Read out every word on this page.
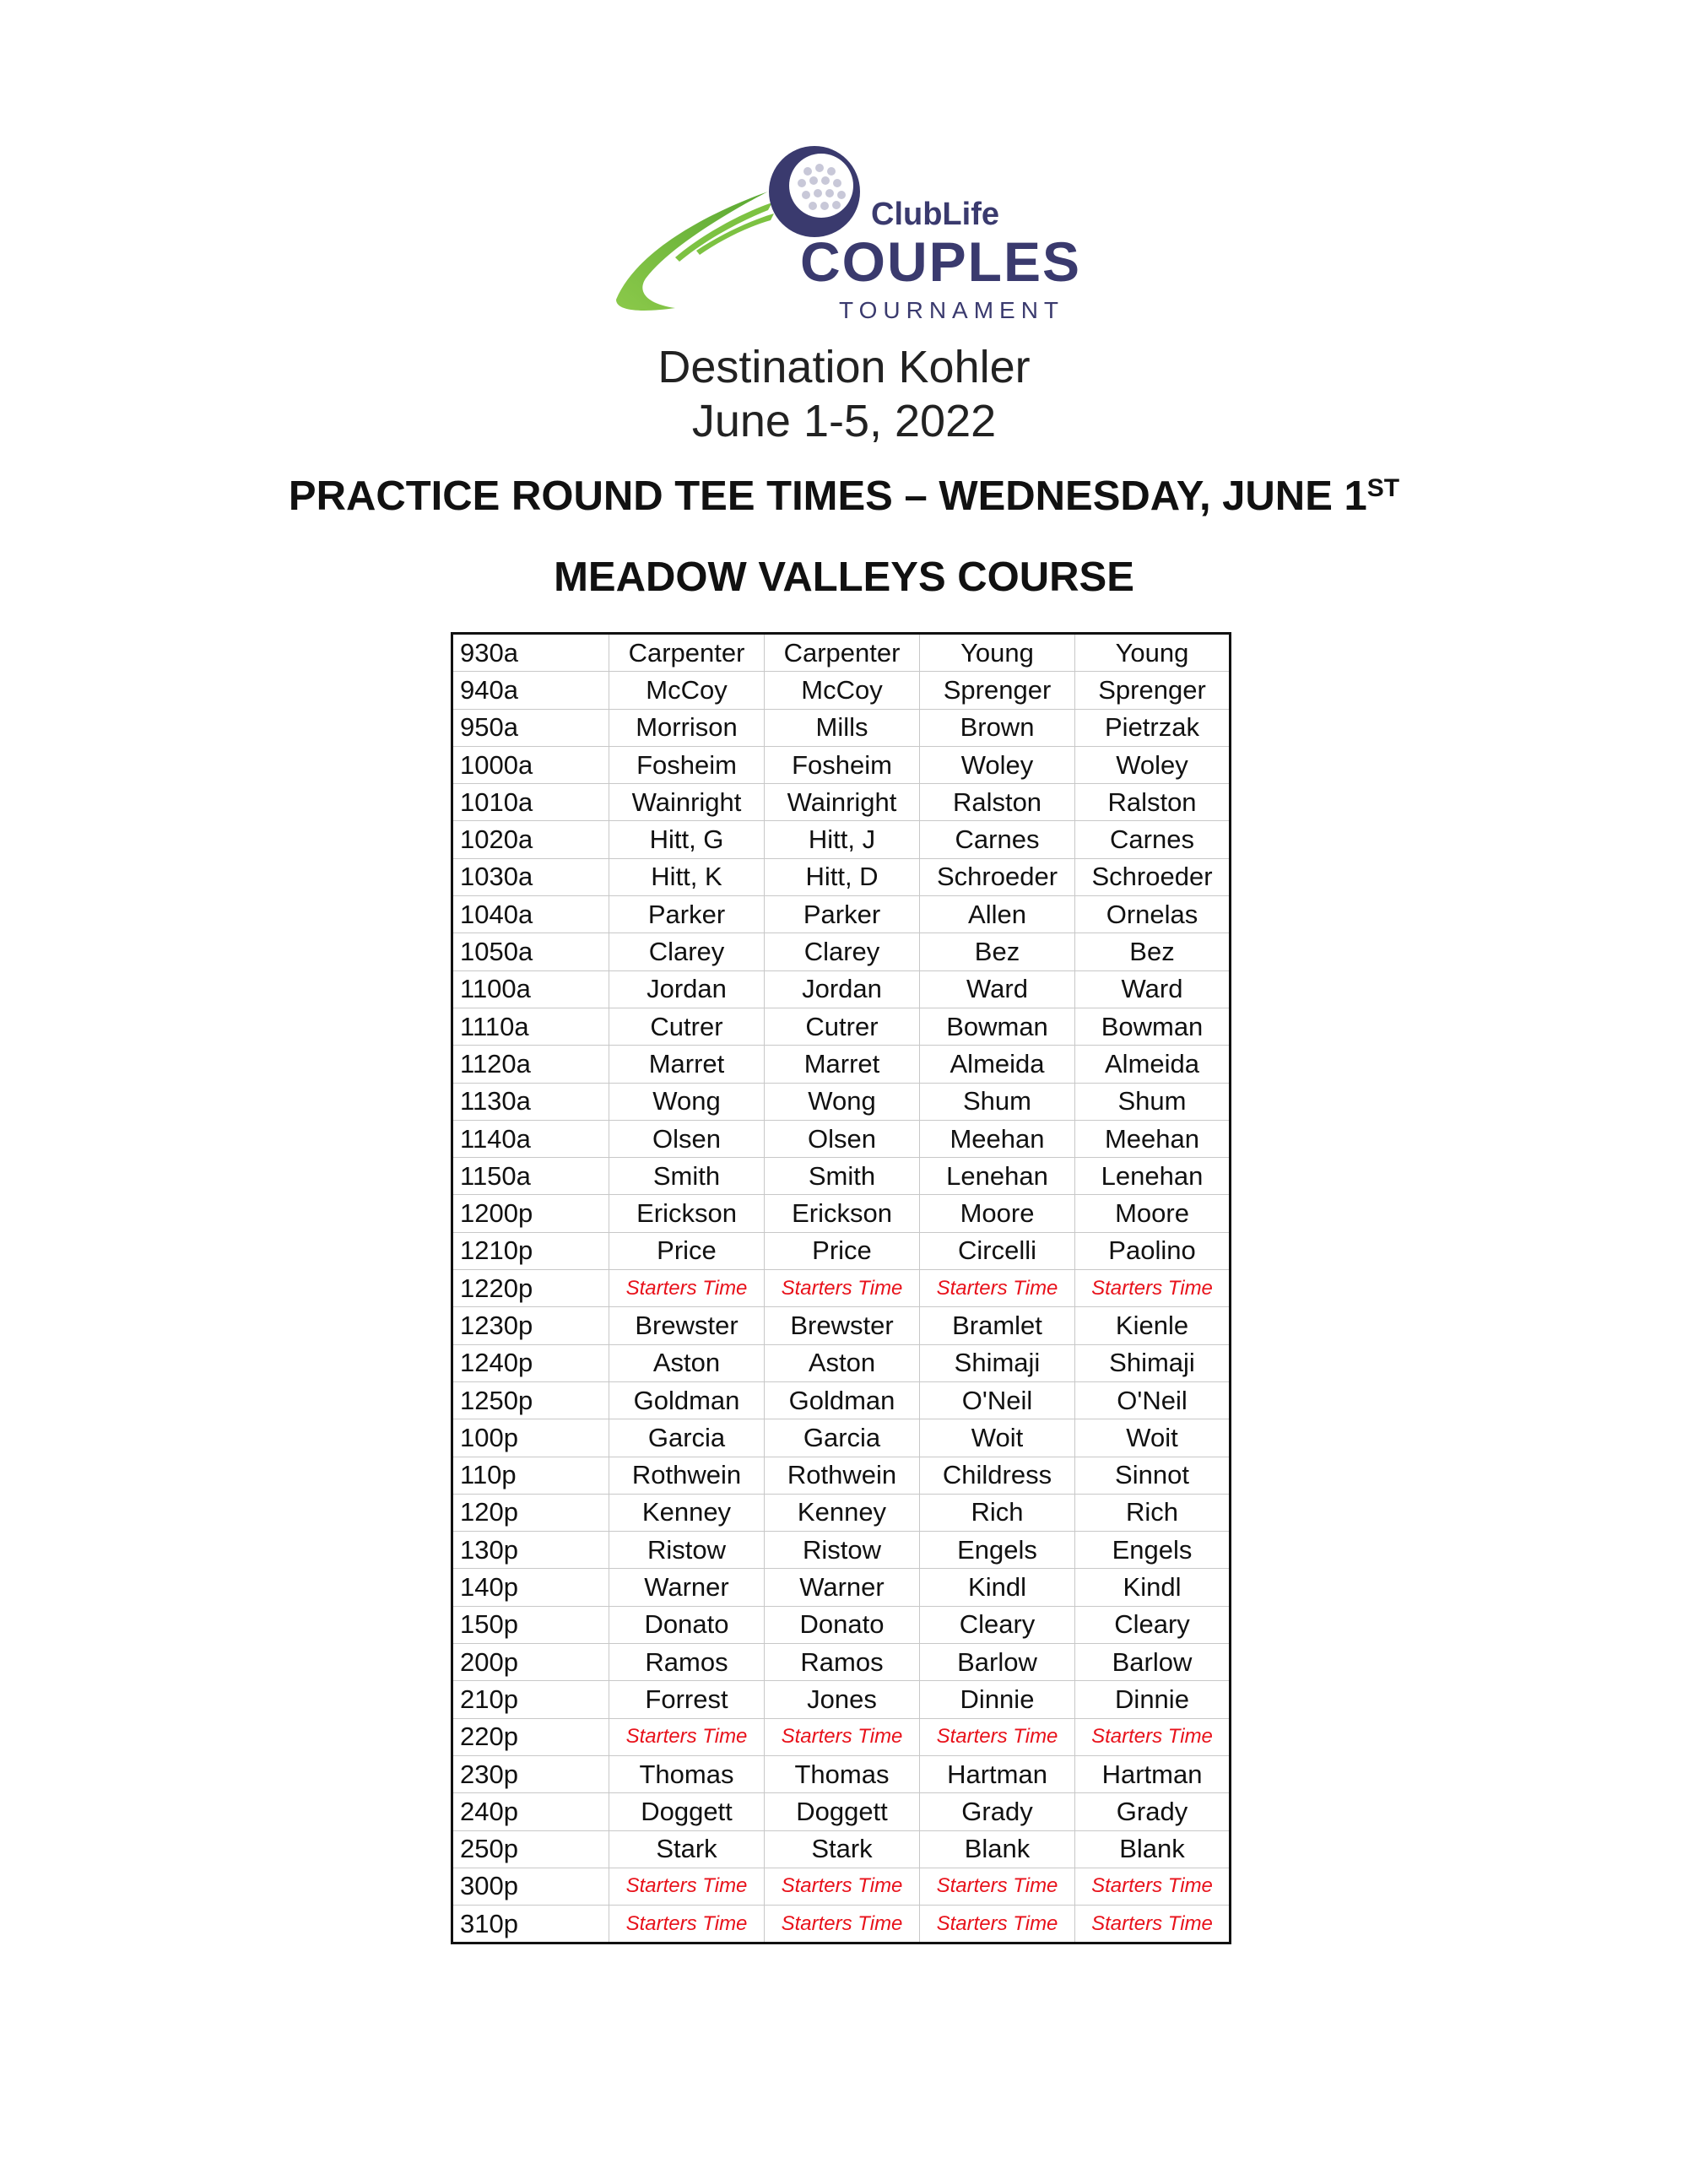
ClubLife
COUPLES
TOURNAMENT
Destination Kohler
June 1-5, 2022
PRACTICE ROUND TEE TIMES – WEDNESDAY, JUNE 1ST
MEADOW VALLEYS COURSE
930a	Carpenter	Carpenter	Young	Young
940a	McCoy	McCoy	Sprenger	Sprenger
950a	Morrison	Mills	Brown	Pietrzak
1000a	Fosheim	Fosheim	Woley	Woley
1010a	Wainright	Wainright	Ralston	Ralston
1020a	Hitt, G	Hitt, J	Carnes	Carnes
1030a	Hitt, K	Hitt, D	Schroeder	Schroeder
1040a	Parker	Parker	Allen	Ornelas
1050a	Clarey	Clarey	Bez	Bez
1100a	Jordan	Jordan	Ward	Ward
1110a	Cutrer	Cutrer	Bowman	Bowman
1120a	Marret	Marret	Almeida	Almeida
1130a	Wong	Wong	Shum	Shum
1140a	Olsen	Olsen	Meehan	Meehan
1150a	Smith	Smith	Lenehan	Lenehan
1200p	Erickson	Erickson	Moore	Moore
1210p	Price	Price	Circelli	Paolino
1220p	Starters Time	Starters Time	Starters Time	Starters Time
1230p	Brewster	Brewster	Bramlet	Kienle
1240p	Aston	Aston	Shimaji	Shimaji
1250p	Goldman	Goldman	O'Neil	O'Neil
100p	Garcia	Garcia	Woit	Woit
110p	Rothwein	Rothwein	Childress	Sinnot
120p	Kenney	Kenney	Rich	Rich
130p	Ristow	Ristow	Engels	Engels
140p	Warner	Warner	Kindl	Kindl
150p	Donato	Donato	Cleary	Cleary
200p	Ramos	Ramos	Barlow	Barlow
210p	Forrest	Jones	Dinnie	Dinnie
220p	Starters Time	Starters Time	Starters Time	Starters Time
230p	Thomas	Thomas	Hartman	Hartman
240p	Doggett	Doggett	Grady	Grady
250p	Stark	Stark	Blank	Blank
300p	Starters Time	Starters Time	Starters Time	Starters Time
310p	Starters Time	Starters Time	Starters Time	Starters Time
